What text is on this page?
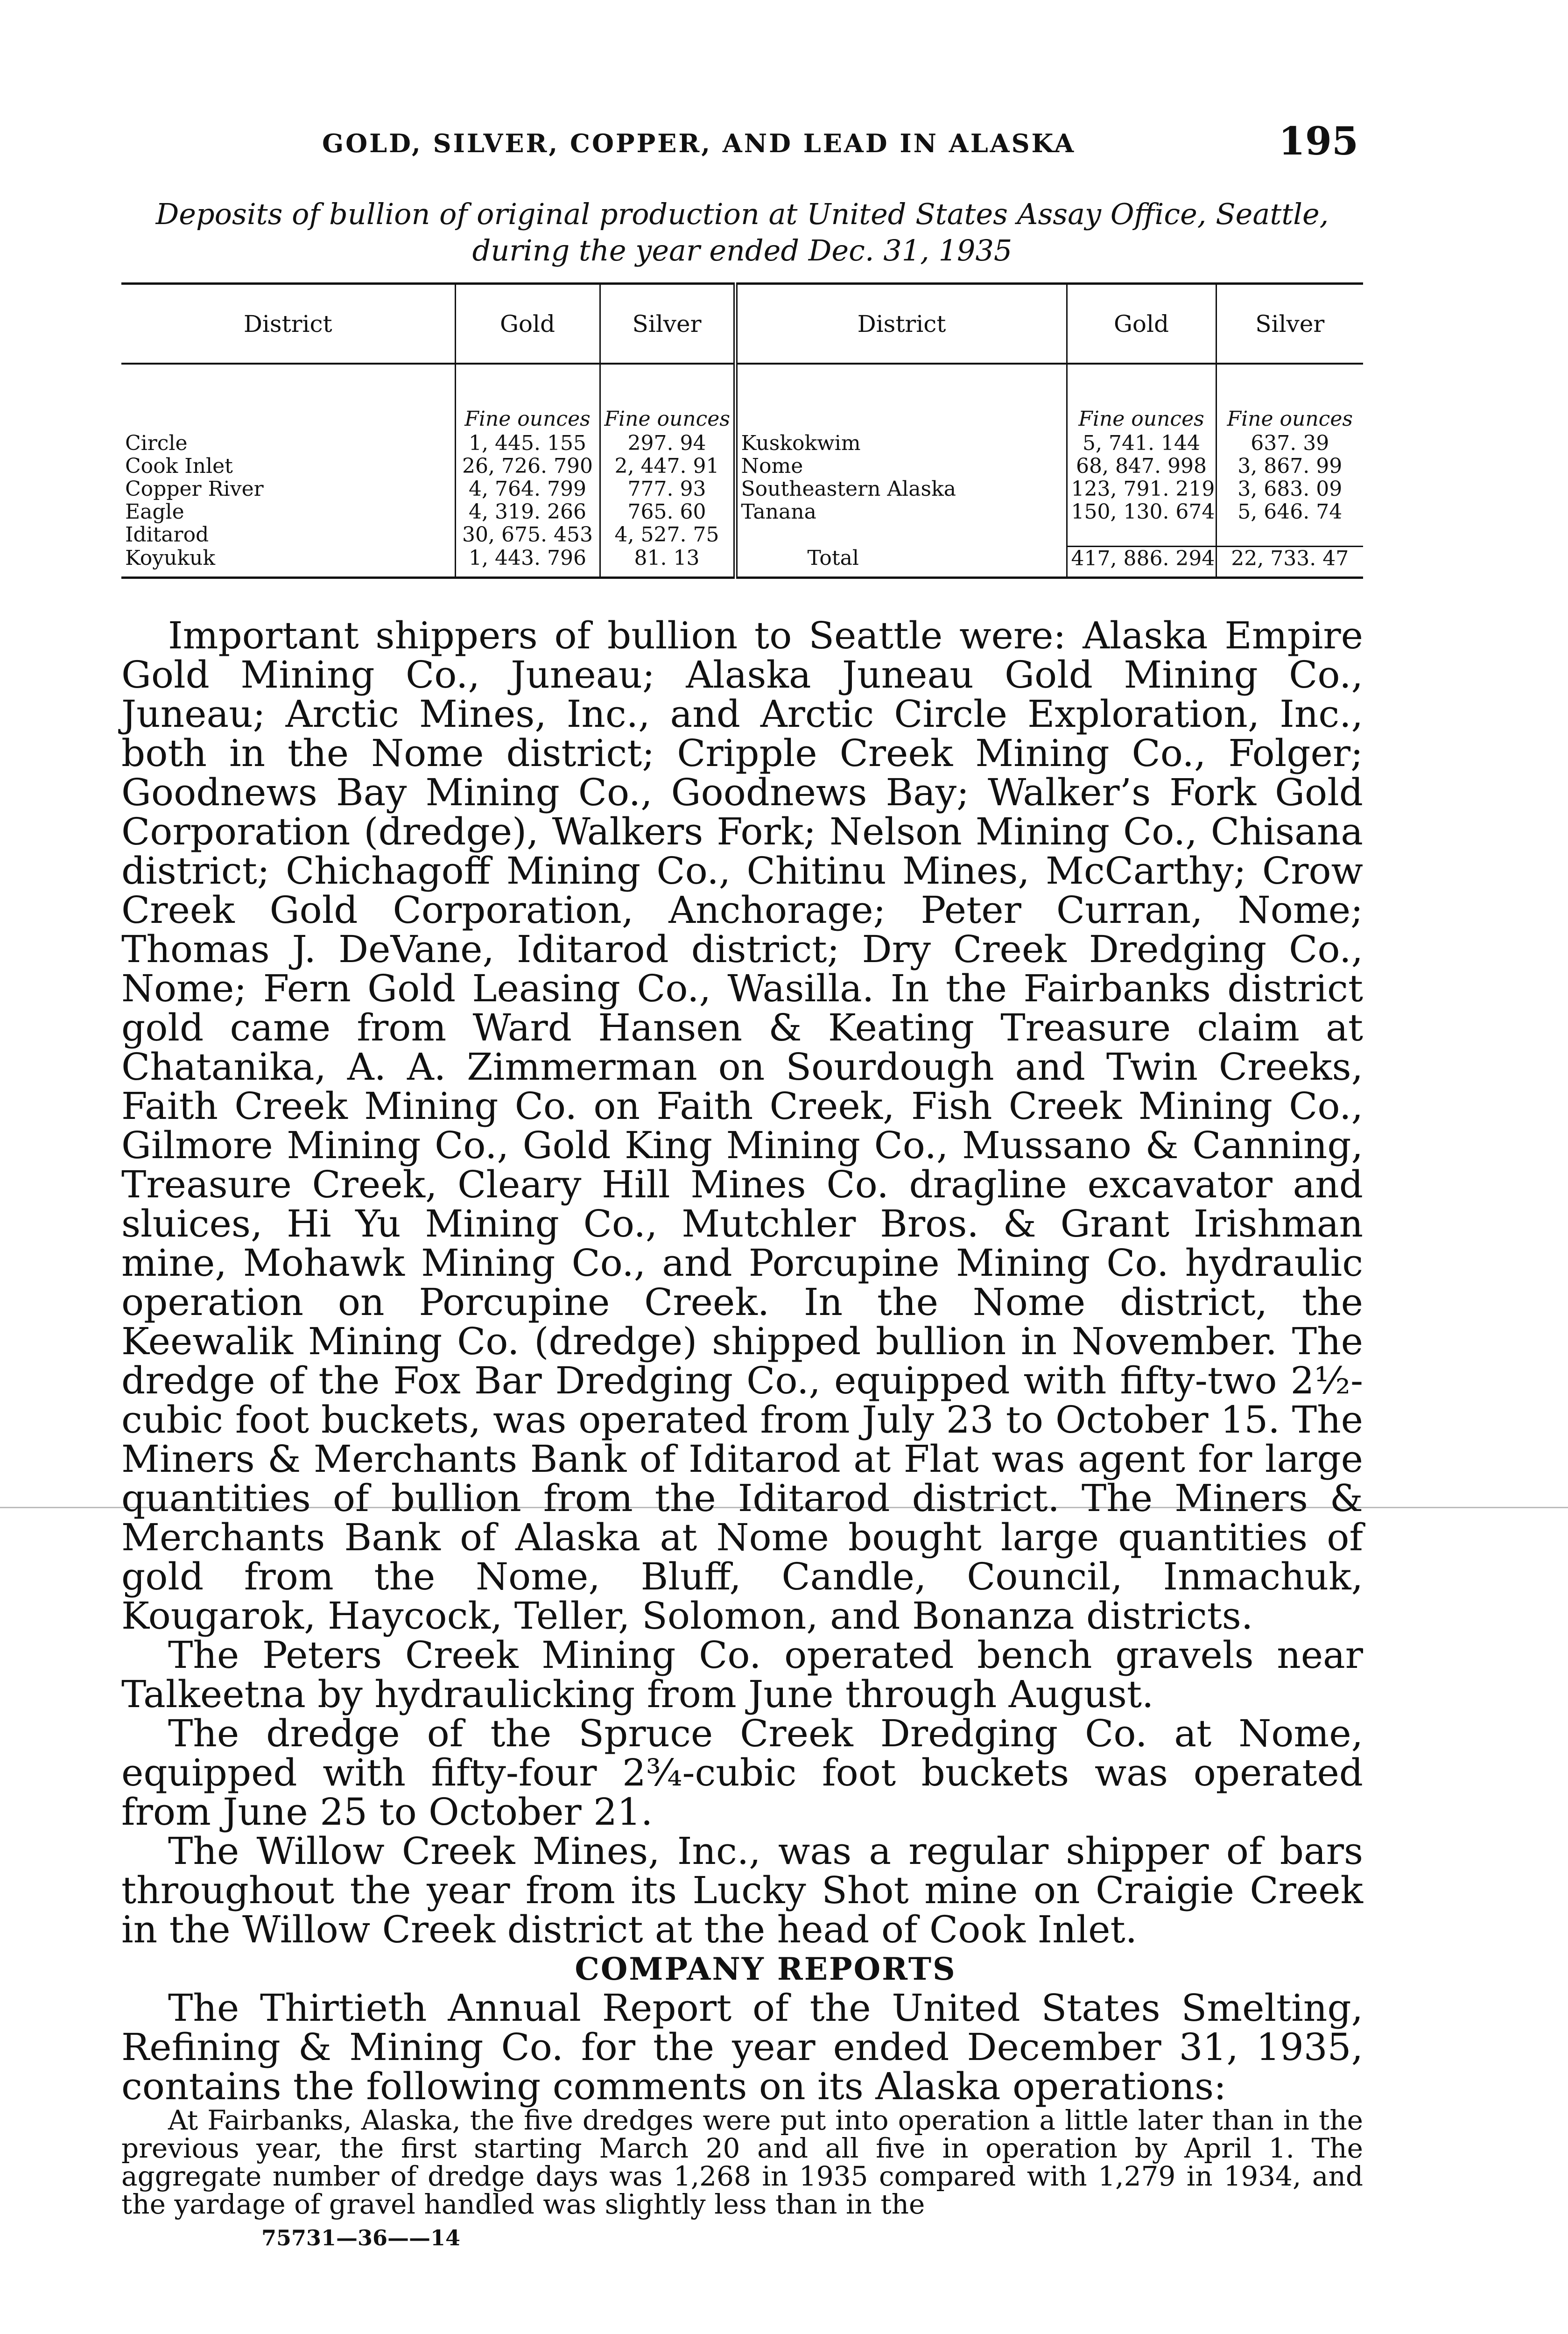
GOLD, SILVER, COPPER, AND LEAD IN ALASKA	195
Deposits of bullion of original production at United States Assay Office, Seattle,
during the year ended Dec. 31, 1935
District	Gold	Silver	District	Gold	Silver
	Fine ounces	Fine ounces		Fine ounces	Fine ounces
Circle	1, 445. 155	297. 94	Kuskokwim	5, 741. 144	637. 39
Cook Inlet	26, 726. 790	2, 447. 91	Nome	68, 847. 998	3, 867. 99
Copper River	4, 764. 799	777. 93	Southeastern Alaska	123, 791. 219	3, 683. 09
Eagle	4, 319. 266	765. 60	Tanana	150, 130. 674	5, 646. 74
Iditarod	30, 675. 453	4, 527. 75			
Koyukuk	1, 443. 796	81. 13	Total	417, 886. 294	22, 733. 47

Important shippers of bullion to Seattle were: Alaska Empire Gold Mining Co., Juneau; Alaska Juneau Gold Mining Co., Juneau; Arctic Mines, Inc., and Arctic Circle Exploration, Inc., both in the Nome district; Cripple Creek Mining Co., Folger; Goodnews Bay Mining Co., Goodnews Bay; Walker’s Fork Gold Corporation (dredge), Walkers Fork; Nelson Mining Co., Chisana district; Chichagoff Mining Co., Chitinu Mines, McCarthy; Crow Creek Gold Corporation, Anchorage; Peter Curran, Nome; Thomas J. DeVane, Iditarod district; Dry Creek Dredging Co., Nome; Fern Gold Leasing Co., Wasilla. In the Fairbanks district gold came from Ward Hansen & Keating Treasure claim at Chatanika, A. A. Zimmerman on Sourdough and Twin Creeks, Faith Creek Mining Co. on Faith Creek, Fish Creek Mining Co., Gilmore Mining Co., Gold King Mining Co., Mussano & Canning, Treasure Creek, Cleary Hill Mines Co. dragline excavator and sluices, Hi Yu Mining Co., Mutchler Bros. & Grant Irishman mine, Mohawk Mining Co., and Porcupine Mining Co. hydraulic operation on Porcupine Creek. In the Nome district, the Keewalik Mining Co. (dredge) shipped bullion in November. The dredge of the Fox Bar Dredging Co., equipped with fifty-two 2½-cubic foot buckets, was operated from July 23 to October 15. The Miners & Merchants Bank of Iditarod at Flat was agent for large quantities of bullion from the Iditarod district. The Miners & Merchants Bank of Alaska at Nome bought large quantities of gold from the Nome, Bluff, Candle, Council, Inmachuk, Kougarok, Haycock, Teller, Solomon, and Bonanza districts.

The Peters Creek Mining Co. operated bench gravels near Talkeetna by hydraulicking from June through August.

The dredge of the Spruce Creek Dredging Co. at Nome, equipped with fifty-four 2¾-cubic foot buckets was operated from June 25 to October 21.

The Willow Creek Mines, Inc., was a regular shipper of bars throughout the year from its Lucky Shot mine on Craigie Creek in the Willow Creek district at the head of Cook Inlet.

COMPANY REPORTS

The Thirtieth Annual Report of the United States Smelting, Refining & Mining Co. for the year ended December 31, 1935, contains the following comments on its Alaska operations:

At Fairbanks, Alaska, the five dredges were put into operation a little later than in the previous year, the first starting March 20 and all five in operation by April 1. The aggregate number of dredge days was 1,268 in 1935 compared with 1,279 in 1934, and the yardage of gravel handled was slightly less than in the

75731—36——14
